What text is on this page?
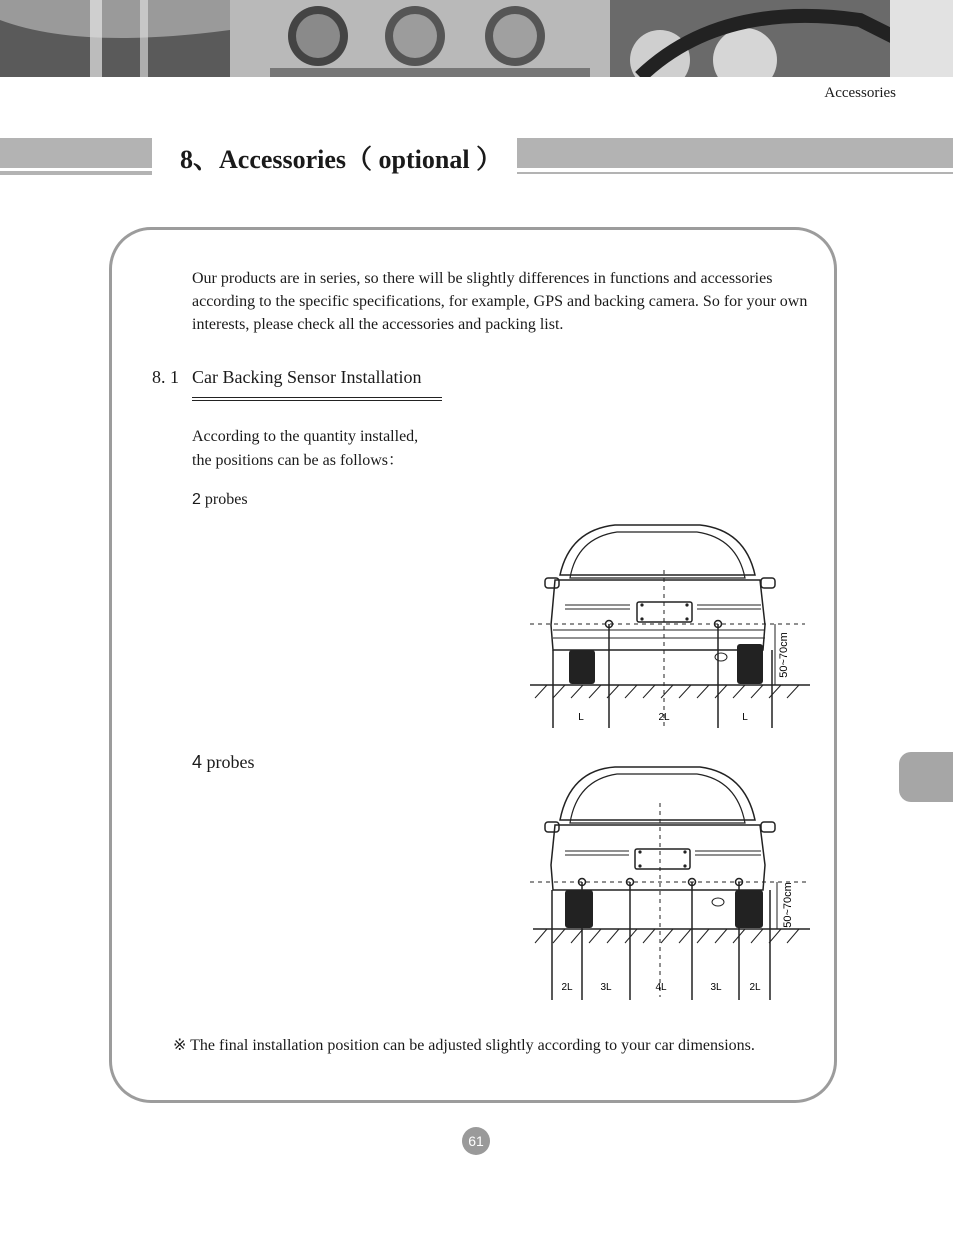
Accessories
8、Accessories（ optional ）

Our products are in series, so there will be slightly differences in functions and accessories according to the specific specifications, for example, GPS and backing camera. So for your own interests, please check all the accessories and packing list.

8. 1 Car Backing Sensor Installation
According to the quantity installed,
the positions can be as follows：
2 probes
50~70cm
L	2L	L
4 probes
50~70cm
2L	3L	4L	3L	2L
※ The final installation position can be adjusted slightly according to your car dimensions.
61
